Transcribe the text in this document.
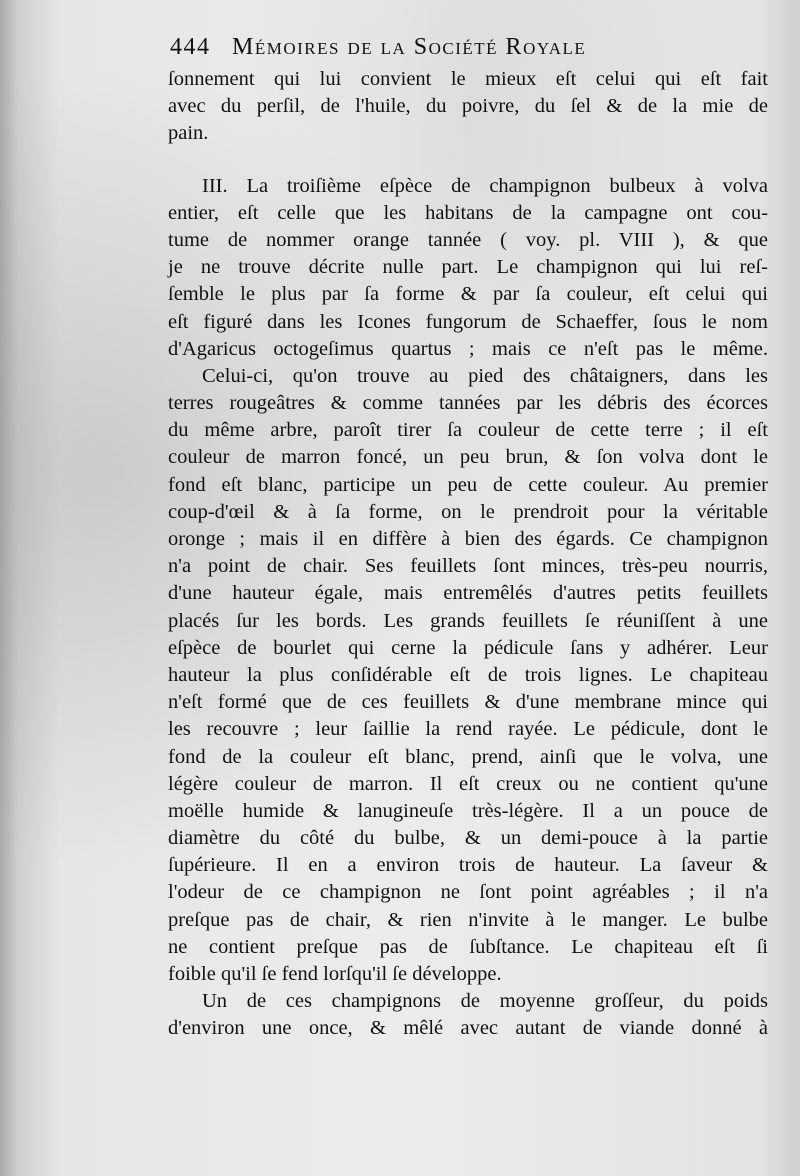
444 Mémoires de la Société Royale
ſonnement qui lui convient le mieux eſt celui qui eſt fait
avec du perſil, de l'huile, du poivre, du ſel & de la mie de
pain.
III. La troiſième eſpèce de champignon bulbeux à volva
entier, eſt celle que les habitans de la campagne ont cou-
tume de nommer orange tannée ( voy. pl. VIII ), & que
je ne trouve décrite nulle part. Le champignon qui lui reſ-
ſemble le plus par ſa forme & par ſa couleur, eſt celui qui
eſt figuré dans les Icones fungorum de Schaeffer, ſous le nom
d'Agaricus octogeſimus quartus ; mais ce n'eſt pas le même.
Celui-ci, qu'on trouve au pied des châtaigners, dans les
terres rougeâtres & comme tannées par les débris des écorces
du même arbre, paroît tirer ſa couleur de cette terre ; il eſt
couleur de marron foncé, un peu brun, & ſon volva dont le
fond eſt blanc, participe un peu de cette couleur. Au premier
coup-d'œil & à ſa forme, on le prendroit pour la véritable
oronge ; mais il en diffère à bien des égards. Ce champignon
n'a point de chair. Ses feuillets ſont minces, très-peu nourris,
d'une hauteur égale, mais entremêlés d'autres petits feuillets
placés ſur les bords. Les grands feuillets ſe réuniſſent à une
eſpèce de bourlet qui cerne la pédicule ſans y adhérer. Leur
hauteur la plus conſidérable eſt de trois lignes. Le chapiteau
n'eſt formé que de ces feuillets & d'une membrane mince qui
les recouvre ; leur ſaillie la rend rayée. Le pédicule, dont le
fond de la couleur eſt blanc, prend, ainſi que le volva, une
légère couleur de marron. Il eſt creux ou ne contient qu'une
moëlle humide & lanugineuſe très-légère. Il a un pouce de
diamètre du côté du bulbe, & un demi-pouce à la partie
ſupérieure. Il en a environ trois de hauteur. La ſaveur &
l'odeur de ce champignon ne ſont point agréables ; il n'a
preſque pas de chair, & rien n'invite à le manger. Le bulbe
ne contient preſque pas de ſubſtance. Le chapiteau eſt ſi
foible qu'il ſe fend lorſqu'il ſe développe.
Un de ces champignons de moyenne groſſeur, du poids
d'environ une once, & mêlé avec autant de viande donné à
